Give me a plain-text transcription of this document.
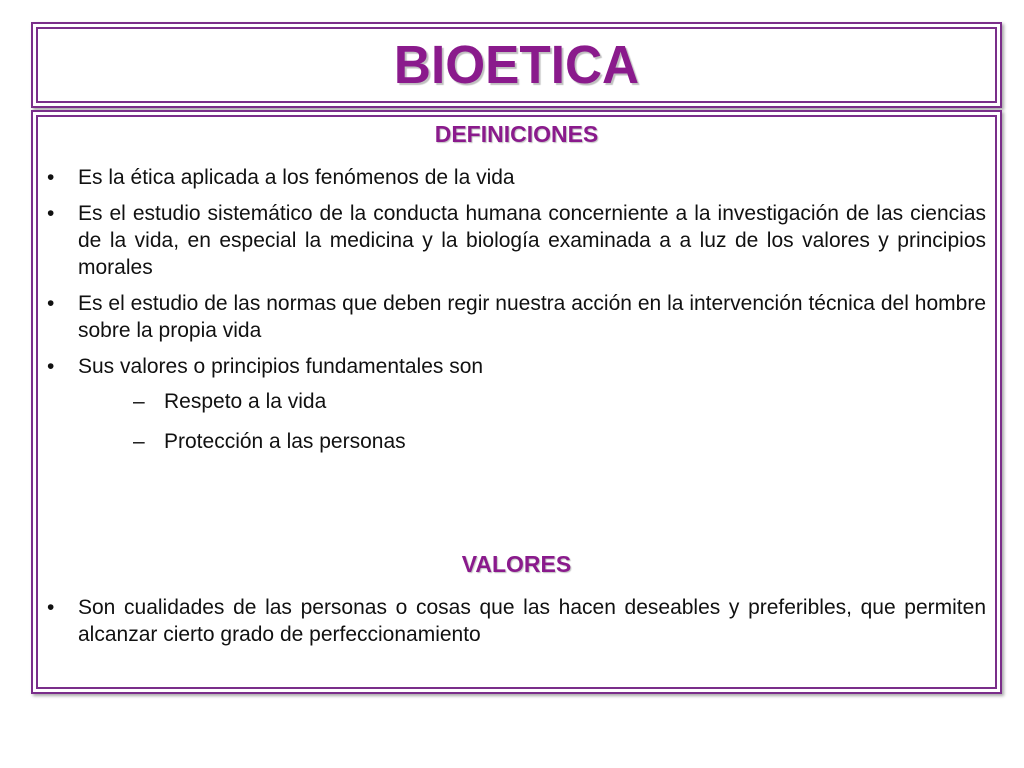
BIOETICA
DEFINICIONES
• Es la ética aplicada a los fenómenos de la vida
• Es el estudio sistemático de la conducta humana concerniente a la investigación de las ciencias de la vida, en especial la medicina y la biología examinada a a luz de los valores y principios morales
• Es el estudio de las normas que deben regir nuestra acción en la intervención técnica del hombre sobre la propia vida
• Sus valores o principios fundamentales son
– Respeto a la vida
– Protección a las personas
VALORES
• Son cualidades de las personas o cosas que las hacen deseables y preferibles, que permiten alcanzar cierto grado de perfeccionamiento
